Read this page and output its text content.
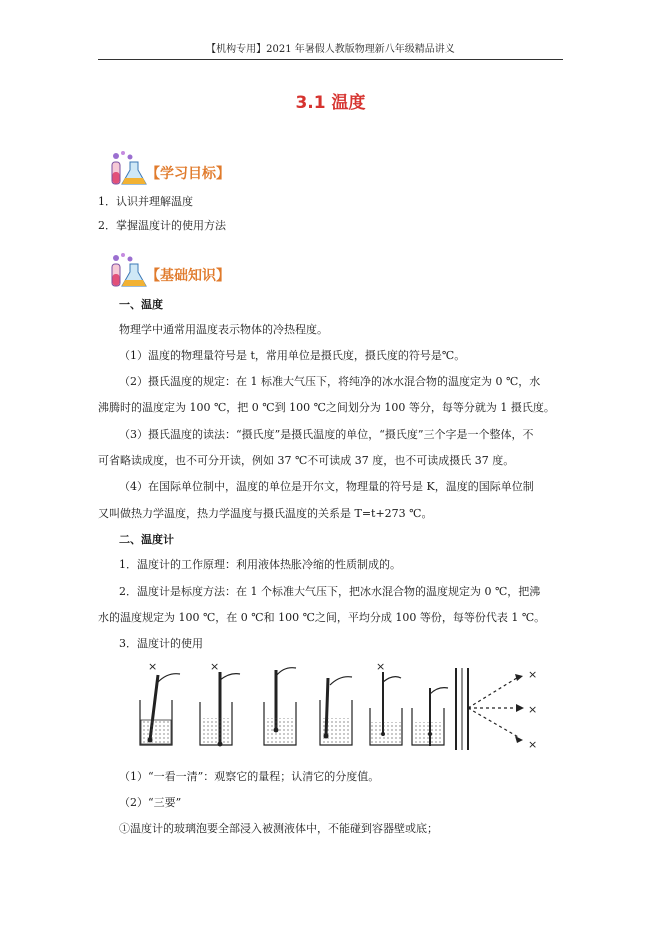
【机构专用】2021 年暑假人教版物理新八年级精品讲义
3.1 温度
【学习目标】
1．认识并理解温度
2．掌握温度计的使用方法
【基础知识】
一、温度
物理学中通常用温度表示物体的冷热程度。
（1）温度的物理量符号是 t，常用单位是摄氏度，摄氏度的符号是℃。
（2）摄氏温度的规定：在 1 标准大气压下，将纯净的冰水混合物的温度定为 0 ℃，水
沸腾时的温度定为 100 ℃，把 0 ℃到 100 ℃之间划分为 100 等分，每等分就为 1 摄氏度。
（3）摄氏温度的读法：“摄氏度”是摄氏温度的单位，“摄氏度”三个字是一个整体，不
可省略读成度，也不可分开读，例如 37 ℃不可读成 37 度，也不可读成摄氏 37 度。
（4）在国际单位制中，温度的单位是开尔文，物理量的符号是 K，温度的国际单位制
又叫做热力学温度，热力学温度与摄氏温度的关系是 T=t+273 ℃。
二、温度计
1．温度计的工作原理：利用液体热胀冷缩的性质制成的。
2．温度计是标度方法：在 1 个标准大气压下，把冰水混合物的温度规定为 0 ℃，把沸
水的温度规定为 100 ℃，在 0 ℃和 100 ℃之间，平均分成 100 等份，每等份代表 1 ℃。
3．温度计的使用
×	×	×
×
×
×
（1）“一看一清”：观察它的量程；认清它的分度值。
（2）“三要”
①温度计的玻璃泡要全部浸入被测液体中，不能碰到容器壁或底；
